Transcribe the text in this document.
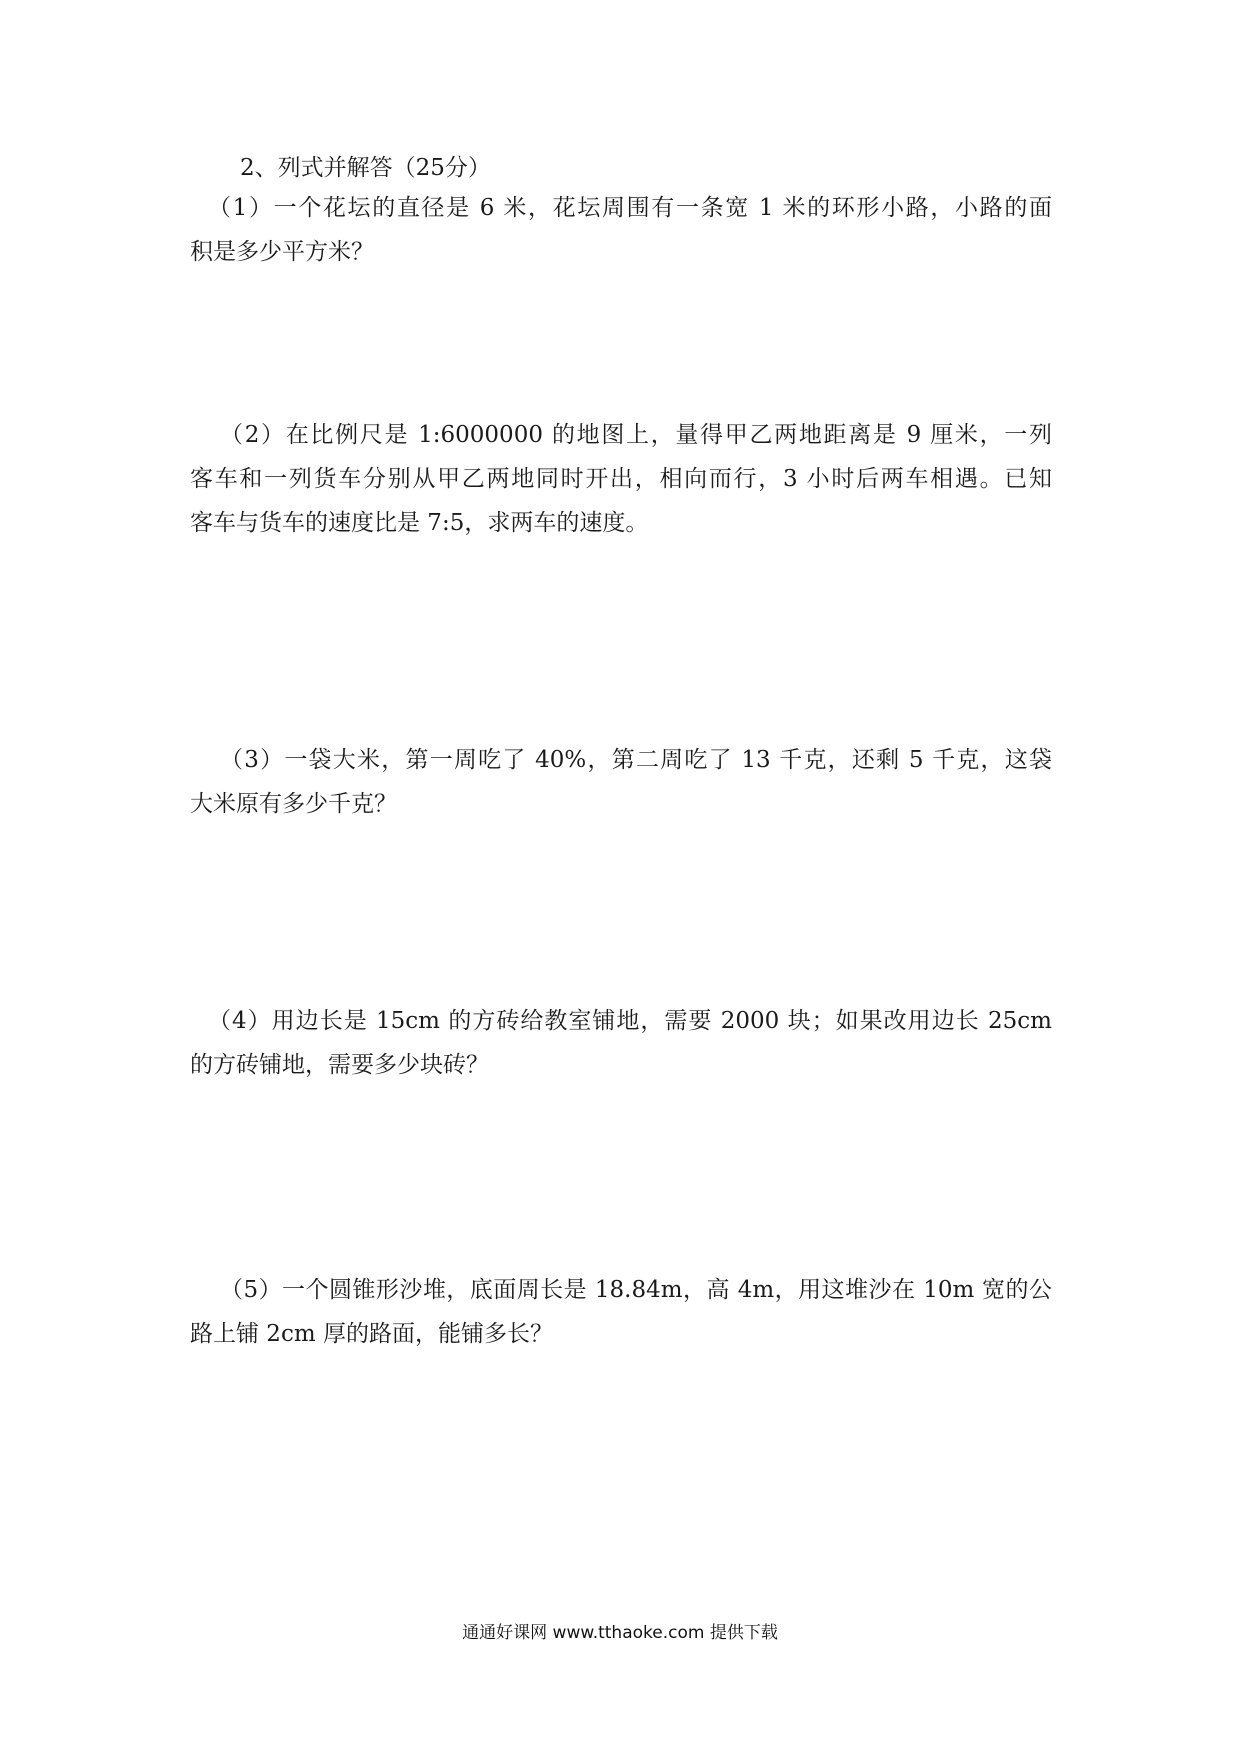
2、列式并解答（25分）
（1）一个花坛的直径是 6 米，花坛周围有一条宽 1 米的环形小路，小路的面
积是多少平方米？
（2）在比例尺是 1:6000000 的地图上，量得甲乙两地距离是 9 厘米，一列
客车和一列货车分别从甲乙两地同时开出，相向而行，3 小时后两车相遇。已知
客车与货车的速度比是 7:5，求两车的速度。
（3）一袋大米，第一周吃了 40%，第二周吃了 13 千克，还剩 5 千克，这袋
大米原有多少千克？
（4）用边长是 15cm 的方砖给教室铺地，需要 2000 块；如果改用边长 25cm
的方砖铺地，需要多少块砖？
（5）一个圆锥形沙堆，底面周长是 18.84m，高 4m，用这堆沙在 10m 宽的公
路上铺 2cm 厚的路面，能铺多长？
通通好课网 www.tthaoke.com 提供下载
